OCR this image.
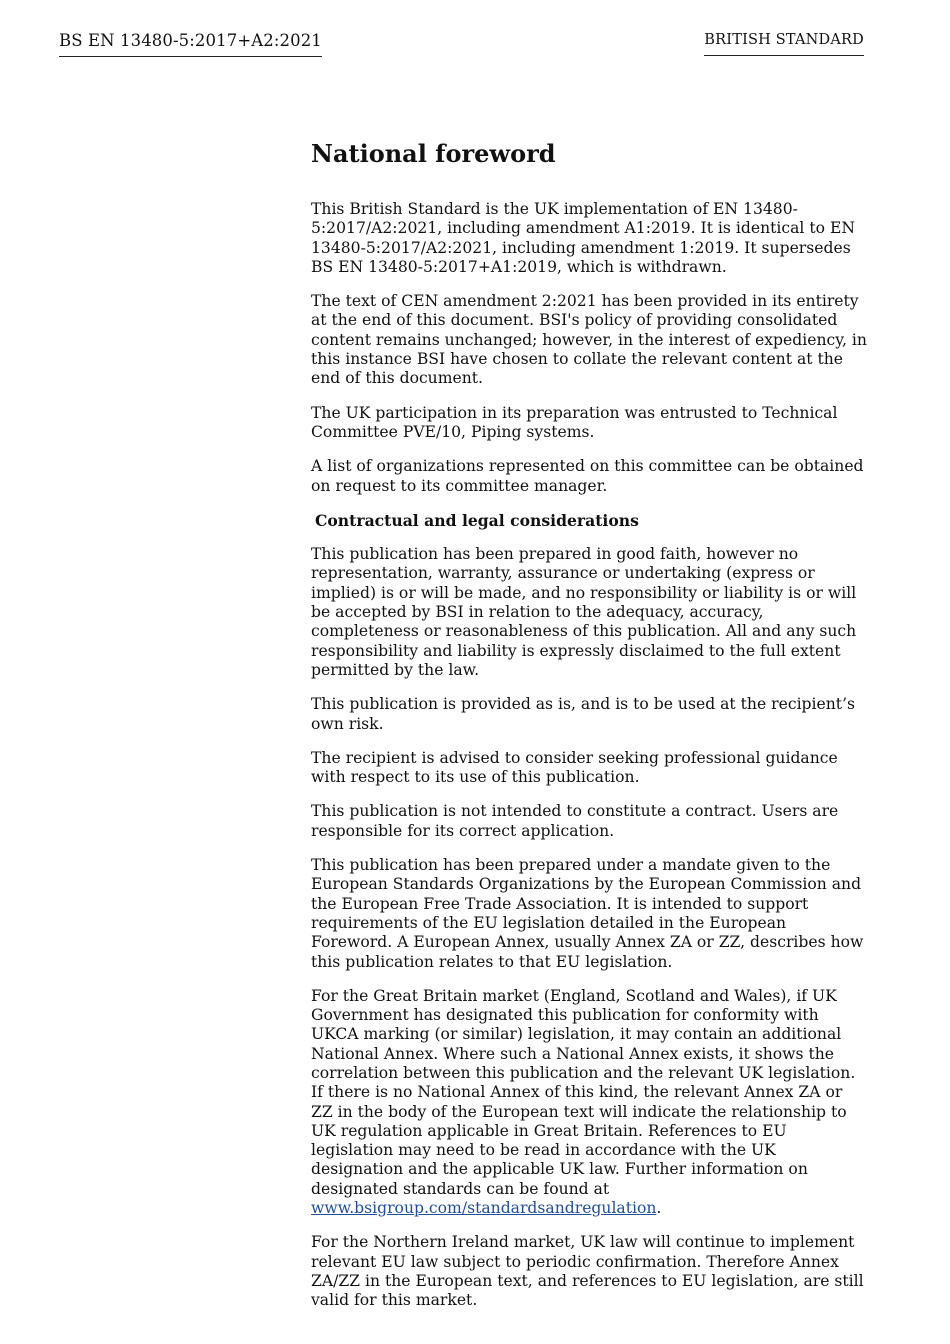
BS EN 13480-5:2017+A2:2021	BRITISH STANDARD
National foreword

This British Standard is the UK implementation of EN 13480-5:2017/A2:2021, including amendment A1:2019. It is identical to EN 13480-5:2017/A2:2021, including amendment 1:2019. It supersedes BS EN 13480-5:2017+A1:2019, which is withdrawn.

The text of CEN amendment 2:2021 has been provided in its entirety at the end of this document. BSI's policy of providing consolidated content remains unchanged; however, in the interest of expediency, in this instance BSI have chosen to collate the relevant content at the end of this document.

The UK participation in its preparation was entrusted to Technical Committee PVE/10, Piping systems.

A list of organizations represented on this committee can be obtained on request to its committee manager.

Contractual and legal considerations

This publication has been prepared in good faith, however no representation, warranty, assurance or undertaking (express or implied) is or will be made, and no responsibility or liability is or will be accepted by BSI in relation to the adequacy, accuracy, completeness or reasonableness of this publication. All and any such responsibility and liability is expressly disclaimed to the full extent permitted by the law.

This publication is provided as is, and is to be used at the recipient’s own risk.

The recipient is advised to consider seeking professional guidance with respect to its use of this publication.

This publication is not intended to constitute a contract. Users are responsible for its correct application.

This publication has been prepared under a mandate given to the European Standards Organizations by the European Commission and the European Free Trade Association. It is intended to support requirements of the EU legislation detailed in the European Foreword. A European Annex, usually Annex ZA or ZZ, describes how this publication relates to that EU legislation.

For the Great Britain market (England, Scotland and Wales), if UK Government has designated this publication for conformity with UKCA marking (or similar) legislation, it may contain an additional National Annex. Where such a National Annex exists, it shows the correlation between this publication and the relevant UK legislation. If there is no National Annex of this kind, the relevant Annex ZA or ZZ in the body of the European text will indicate the relationship to UK regulation applicable in Great Britain. References to EU legislation may need to be read in accordance with the UK designation and the applicable UK law. Further information on designated standards can be found at www.bsigroup.com/standardsandregulation.

For the Northern Ireland market, UK law will continue to implement relevant EU law subject to periodic confirmation. Therefore Annex ZA/ZZ in the European text, and references to EU legislation, are still valid for this market.
